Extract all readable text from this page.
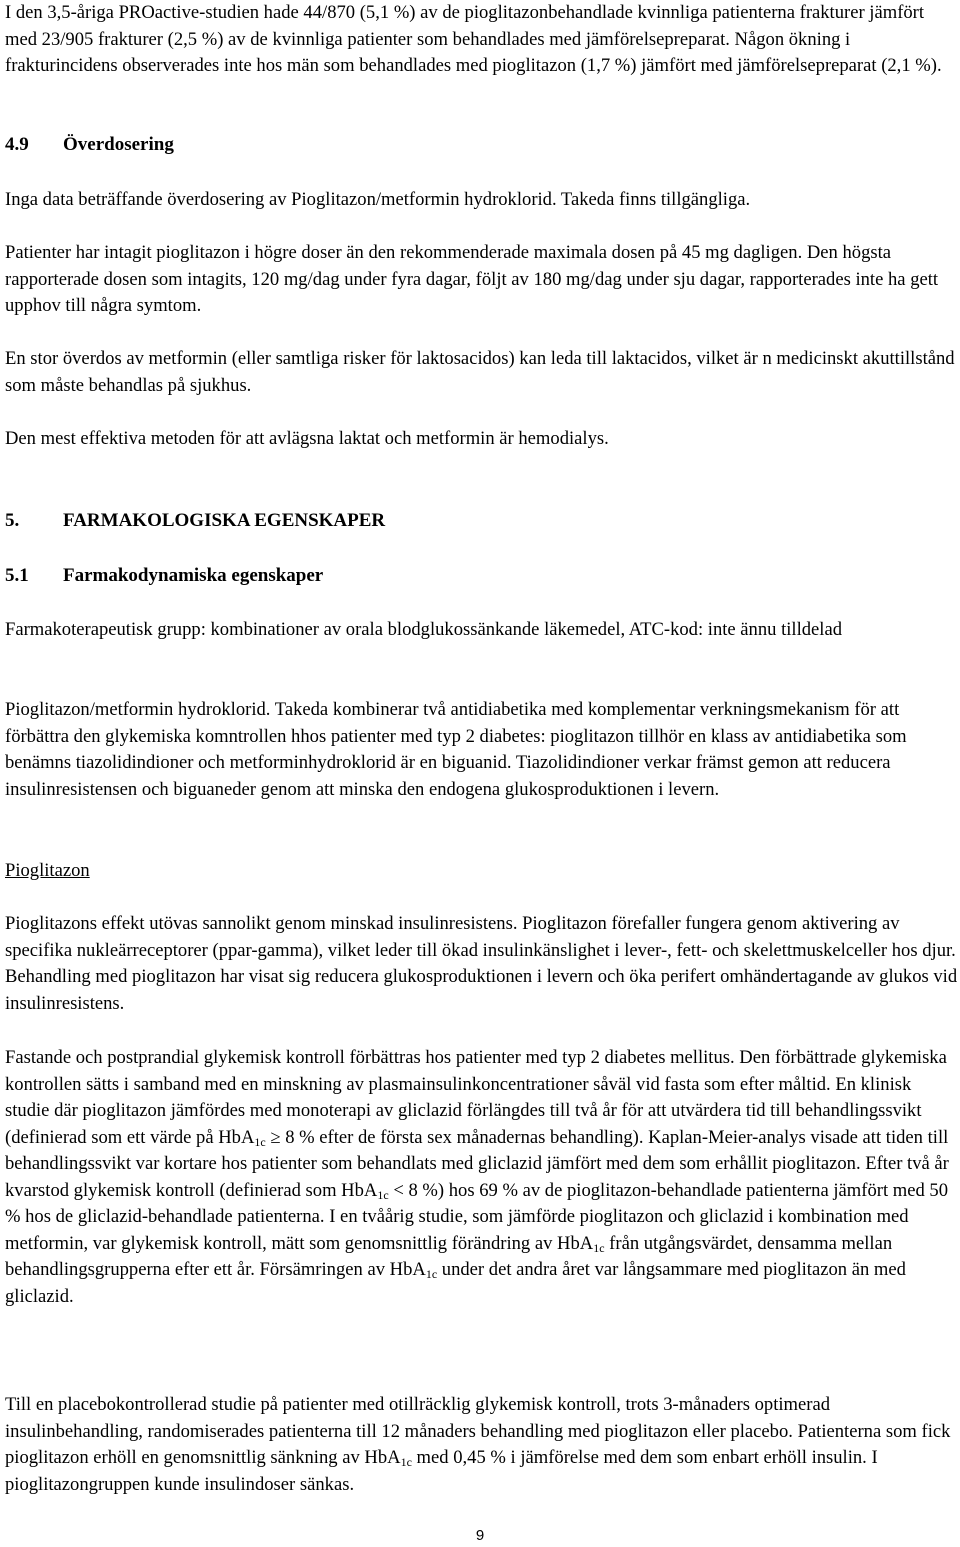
I den 3,5-åriga PROactive-studien hade 44/870 (5,1 %) av de pioglitazonbehandlade kvinnliga patienterna frakturer jämfört med 23/905 frakturer (2,5 %) av de kvinnliga patienter som behandlades med jämförelsepreparat. Någon ökning i frakturincidens observerades inte hos män som behandlades med pioglitazon (1,7 %) jämfört med jämförelsepreparat (2,1 %).

4.9 Överdosering

Inga data beträffande överdosering av Pioglitazon/metformin hydroklorid. Takeda finns tillgängliga.

Patienter har intagit pioglitazon i högre doser än den rekommenderade maximala dosen på 45 mg dagligen. Den högsta rapporterade dosen som intagits, 120 mg/dag under fyra dagar, följt av 180 mg/dag under sju dagar, rapporterades inte ha gett upphov till några symtom.

En stor överdos av metformin (eller samtliga risker för laktosacidos) kan leda till laktacidos, vilket är n medicinskt akuttillstånd som måste behandlas på sjukhus.

Den mest effektiva metoden för att avlägsna laktat och metformin är hemodialys.

5. FARMAKOLOGISKA EGENSKAPER
5.1 Farmakodynamiska egenskaper

Farmakoterapeutisk grupp: kombinationer av orala blodglukossänkande läkemedel, ATC-kod: inte ännu tilldelad

Pioglitazon/metformin hydroklorid. Takeda kombinerar två antidiabetika med komplementar verkningsmekanism för att förbättra den glykemiska komntrollen hhos patienter med typ 2 diabetes: pioglitazon tillhör en klass av antidiabetika som benämns tiazolidindioner och metforminhydroklorid är en biguanid. Tiazolidindioner verkar främst gemon att reducera insulinresistensen och biguaneder genom att minska den endogena glukosproduktionen i levern.

Pioglitazon

Pioglitazons effekt utövas sannolikt genom minskad insulinresistens. Pioglitazon förefaller fungera genom aktivering av specifika nukleärreceptorer (ppar-gamma), vilket leder till ökad insulinkänslighet i lever-, fett- och skelettmuskelceller hos djur. Behandling med pioglitazon har visat sig reducera glukosproduktionen i levern och öka perifert omhändertagande av glukos vid insulinresistens.

Fastande och postprandial glykemisk kontroll förbättras hos patienter med typ 2 diabetes mellitus. Den förbättrade glykemiska kontrollen sätts i samband med en minskning av plasmainsulinkoncentrationer såväl vid fasta som efter måltid. En klinisk studie där pioglitazon jämfördes med monoterapi av gliclazid förlängdes till två år för att utvärdera tid till behandlingssvikt (definierad som ett värde på HbA$_{1c}$ ≥ 8 % efter de första sex månadernas behandling). Kaplan-Meier-analys visade att tiden till behandlingssvikt var kortare hos patienter som behandlats med gliclazid jämfört med dem som erhållit pioglitazon. Efter två år kvarstod glykemisk kontroll (definierad som HbA$_{1c}$ < 8 %) hos 69 % av de pioglitazon-behandlade patienterna jämfört med 50 % hos de gliclazid-behandlade patienterna. I en tvåårig studie, som jämförde pioglitazon och gliclazid i kombination med metformin, var glykemisk kontroll, mätt som genomsnittlig förändring av HbA$_{1c}$ från utgångsvärdet, densamma mellan behandlingsgrupperna efter ett år. Försämringen av HbA$_{1c}$ under det andra året var långsammare med pioglitazon än med gliclazid.

Till en placebokontrollerad studie på patienter med otillräcklig glykemisk kontroll, trots 3-månaders optimerad insulinbehandling, randomiserades patienterna till 12 månaders behandling med pioglitazon eller placebo. Patienterna som fick pioglitazon erhöll en genomsnittlig sänkning av HbA$_{1c}$ med 0,45 % i jämförelse med dem som enbart erhöll insulin. I pioglitazongruppen kunde insulindoser sänkas.

9
